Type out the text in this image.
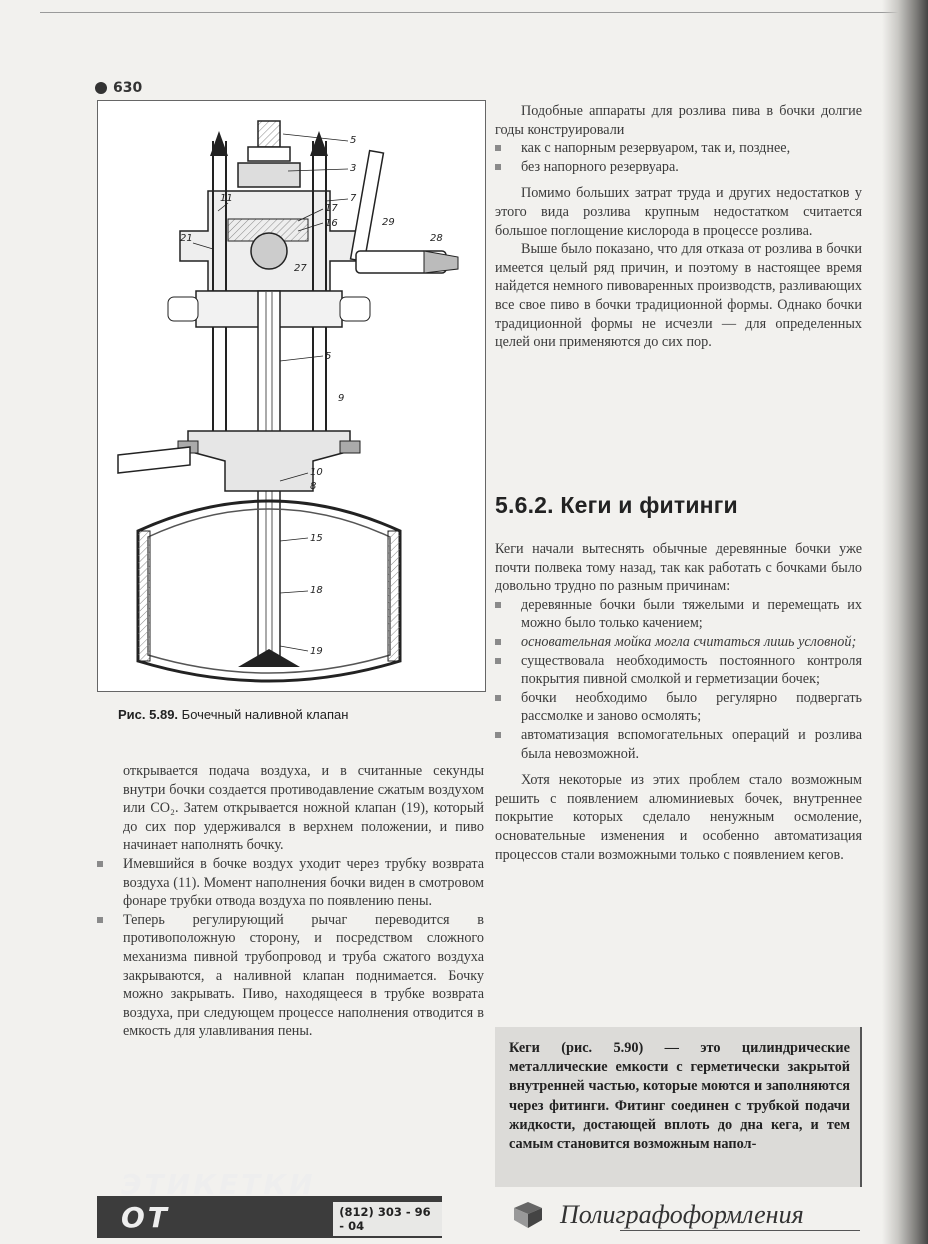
630
5
3
17
16
7
29
11
21	28
27
5
9
10
8
15
18
19
Рис. 5.89. Бочечный наливной клапан

открывается подача воздуха, и в считанные секунды внутри бочки создается противодавление сжатым воздухом или CO₂. Затем открывается ножной клапан (19), который до сих пор удерживался в верхнем положении, и пиво начинает наполнять бочку.

Имевшийся в бочке воздух уходит через трубку возврата воздуха (11). Момент наполнения бочки виден в смотровом фонаре трубки отвода воздуха по появлению пены.
Теперь регулирующий рычаг переводится в противоположную сторону, и посредством сложного механизма пивной трубопровод и труба сжатого воздуха закрываются, а наливной клапан поднимается. Бочку можно закрывать. Пиво, находящееся в трубке возврата воздуха, при следующем процессе наполнения отводится в емкость для улавливания пены.

Подобные аппараты для розлива пива в бочки долгие годы конструировали

как с напорным резервуаром, так и, позднее,
без напорного резервуара.

Помимо больших затрат труда и других недостатков у этого вида розлива крупным недостатком считается большое поглощение кислорода в процессе розлива.

Выше было показано, что для отказа от розлива в бочки имеется целый ряд причин, и поэтому в настоящее время найдется немного пивоваренных производств, разливающих все свое пиво в бочки традиционной формы. Однако бочки традиционной формы не исчезли — для определенных целей они применяются до сих пор.

5.6.2. Кеги и фитинги

Кеги начали вытеснять обычные деревянные бочки уже почти полвека тому назад, так как работать с бочками было довольно трудно по разным причинам:

деревянные бочки были тяжелыми и перемещать их можно было только качением;
основательная мойка могла считаться лишь условной;
существовала необходимость постоянного контроля покрытия пивной смолкой и герметизации бочек;
бочки необходимо было регулярно подвергать рассмолке и заново осмолять;
автоматизация вспомогательных операций и розлива была невозможной.

Хотя некоторые из этих проблем стало возможным решить с появлением алюминиевых бочек, внутреннее покрытие которых сделало ненужным осмоление, основательные изменения и особенно автоматизация процессов стали возможными только с появлением кегов.

Кеги (рис. 5.90) — это цилиндрические металлические емкости с герметически закрытой внутренней частью, которые моются и заполняются через фитинги. Фитинг соединен с трубкой подачи жидкости, достающей вплоть до дна кега, и тем самым становится возможным напол-

ЭТИКЕТКИ ОТ	(812) 303 - 96 - 04	Полиграфоформления
